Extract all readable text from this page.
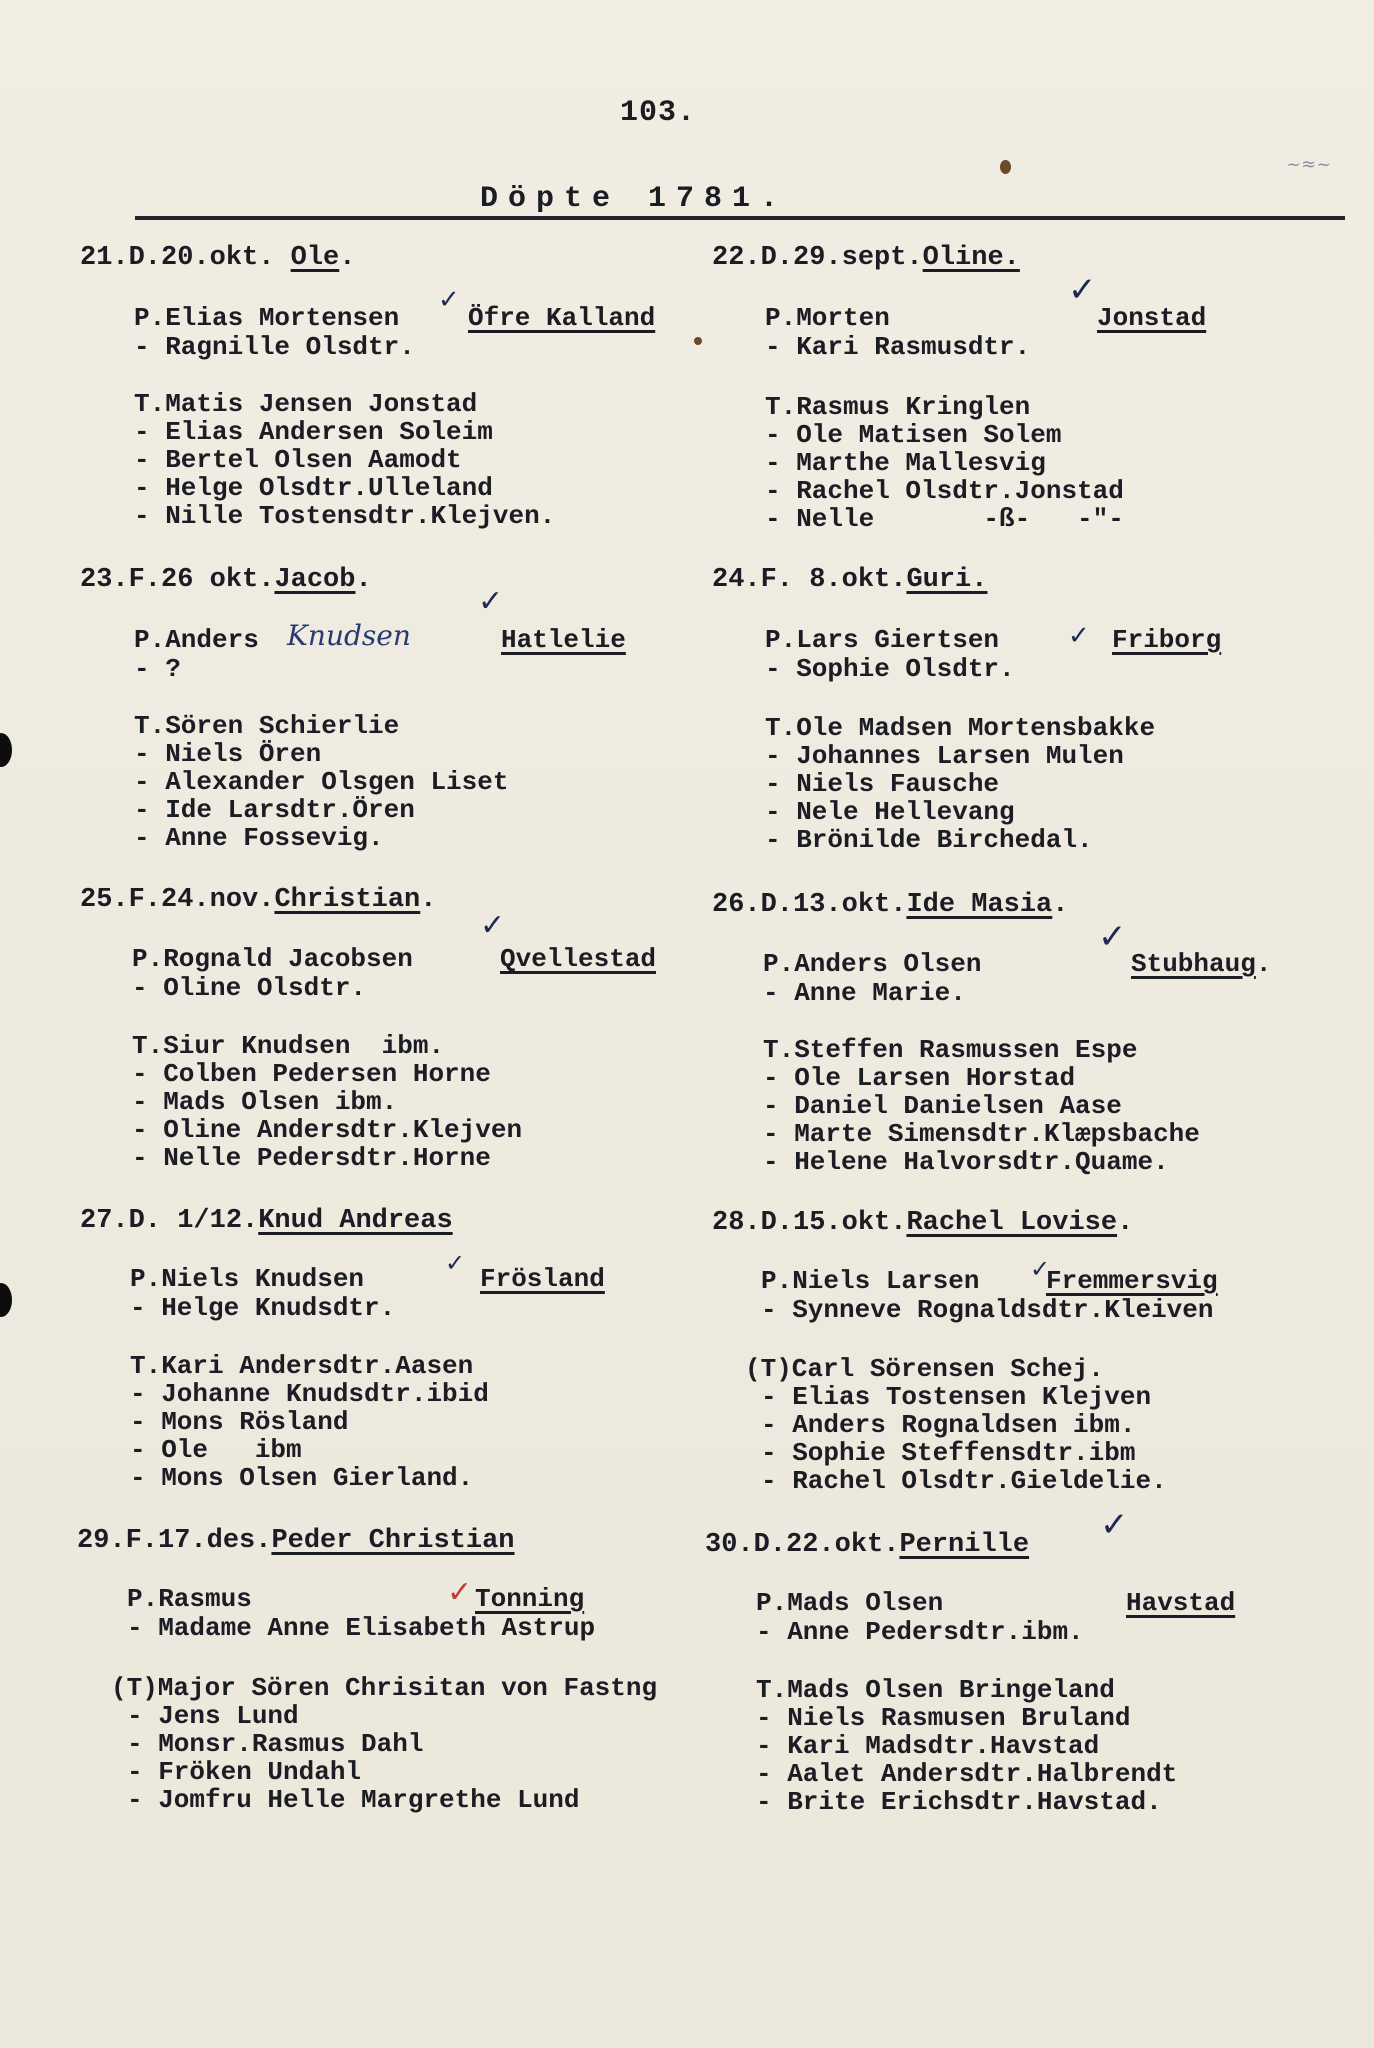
103.
~≈~
Döpte 1781.
21.D.20.okt. Ole.
P.Elias Mortensen
✓
Öfre Kalland
- Ragnille Olsdtr.
T.Matis Jensen Jonstad
- Elias Andersen Soleim
- Bertel Olsen Aamodt
- Helge Olsdtr.Ulleland
- Nille Tostensdtr.Klejven.
22.D.29.sept.Oline.
P.Morten
✓
Jonstad
- Kari Rasmusdtr.
T.Rasmus Kringlen
- Ole Matisen Solem
- Marthe Mallesvig
- Rachel Olsdtr.Jonstad
- Nelle       -ß-   -"-
23.F.26 okt.Jacob.
P.Anders Knudsen
✓
Hatlelie
- ?
T.Sören Schierlie
- Niels Ören
- Alexander Olsgen Liset
- Ide Larsdtr.Ören
- Anne Fossevig.
24.F. 8.okt.Guri.
P.Lars Giertsen	✓ Friborg
- Sophie Olsdtr.
T.Ole Madsen Mortensbakke
- Johannes Larsen Mulen
- Niels Fausche
- Nele Hellevang
- Brönilde Birchedal.
25.F.24.nov.Christian.
P.Rognald Jacobsen
✓
Qvellestad
- Oline Olsdtr.
T.Siur Knudsen  ibm.
- Colben Pedersen Horne
- Mads Olsen ibm.
- Oline Andersdtr.Klejven
- Nelle Pedersdtr.Horne
26.D.13.okt.Ide Masia.
P.Anders Olsen
✓
Stubhaug.
- Anne Marie.
T.Steffen Rasmussen Espe
- Ole Larsen Horstad
- Daniel Danielsen Aase
- Marte Simensdtr.Klæpsbache
- Helene Halvorsdtr.Quame.
27.D. 1/12.Knud Andreas
P.Niels Knudsen
✓
Frösland
- Helge Knudsdtr.
T.Kari Andersdtr.Aasen
- Johanne Knudsdtr.ibid
- Mons Rösland
- Ole   ibm
- Mons Olsen Gierland.
28.D.15.okt.Rachel Lovise.
P.Niels Larsen ✓
Fremmersvig
- Synneve Rognaldsdtr.Kleiven
(T)Carl Sörensen Schej.
- Elias Tostensen Klejven
- Anders Rognaldsen ibm.
- Sophie Steffensdtr.ibm
- Rachel Olsdtr.Gieldelie.
29.F.17.des.Peder Christian
P.Rasmus	✓ Tonning
- Madame Anne Elisabeth Astrup
(T)Major Sören Chrisitan von Fastng
- Jens Lund
- Monsr.Rasmus Dahl
- Fröken Undahl
- Jomfru Helle Margrethe Lund
30.D.22.okt.Pernille
P.Mads Olsen
✓
Havstad
- Anne Pedersdtr.ibm.
T.Mads Olsen Bringeland
- Niels Rasmusen Bruland
- Kari Madsdtr.Havstad
- Aalet Andersdtr.Halbrendt
- Brite Erichsdtr.Havstad.
